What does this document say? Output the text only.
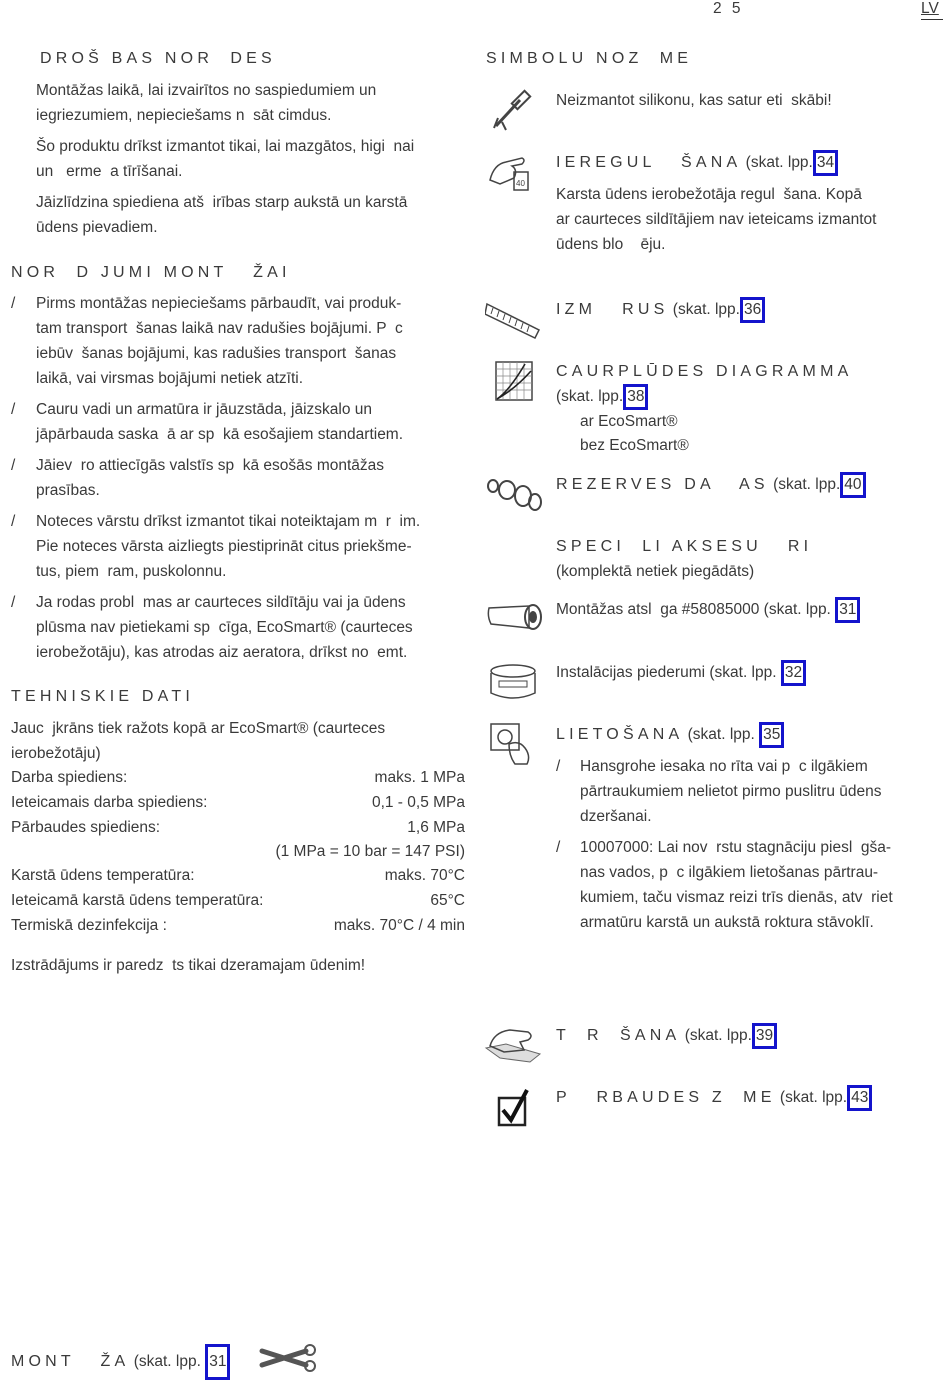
2 5	LV
DROŠ BAS NOR  DES
Montāžas laikā, lai izvairītos no saspiedumiem un
iegriezumiem, nepieciešams n  sāt cimdus.
Šo produktu drīkst izmantot tikai, lai mazgātos, higi  nai
un   erme  a tīrīšanai.
Jāizlīdzina spiediena atš  irības starp aukstā un karstā
ūdens pievadiem.
NOR  D JUMI MONT   ŽAI
/ Pirms montāžas nepieciešams pārbaudīt, vai produk-
tam transport  šanas laikā nav radušies bojājumi. P  c
iebūv  šanas bojājumi, kas radušies transport  šanas
laikā, vai virsmas bojājumi netiek atzīti.
/ Cauru vadi un armatūra ir jāuzstāda, jāizskalo un
jāpārbauda saska  ā ar sp  kā esošajiem standartiem.
/ Jāiev  ro attiecīgās valstīs sp  kā esošās montāžas
prasības.
/ Noteces vārstu drīkst izmantot tikai noteiktajam m  r  im.
Pie noteces vārsta aizliegts piestiprināt citus priekšme-
tus, piem  ram, puskolonnu.
/ Ja rodas probl  mas ar caurteces sildītāju vai ja ūdens
plūsma nav pietiekami sp  cīga, EcoSmart® (caurteces
ierobežotāju), kas atrodas aiz aeratora, drīkst no  emt.
TEHNISKIE DATI
Jauc  jkrāns tiek ražots kopā ar EcoSmart® (caurteces
ierobežotāju)
Darba spiediens:	maks. 1 MPa
Ieteicamais darba spiediens:	0,1 - 0,5 MPa
Pārbaudes spiediens:	1,6 MPa
(1 MPa = 10 bar = 147 PSI)
Karstā ūdens temperatūra:	maks. 70°C
Ieteicamā karstā ūdens temperatūra:	65°C
Termiskā dezinfekcija :	maks. 70°C / 4 min
Izstrādājums ir paredz  ts tikai dzeramajam ūdenim!
MONT   ŽA (skat. lpp. 31
SIMBOLU NOZ  ME
Neizmantot silikonu, kas satur eti  skābi!
40
IEREGUL   ŠANA (skat. lpp. 34
Karsta ūdens ierobežotāja regul  šana. Kopā
ar caurteces sildītājiem nav ieteicams izmantot
ūdens blo    ēju.
IZM   RUS (skat. lpp. 36
CAURPLŪDES DIAGRAMMA
(skat. lpp. 38
ar EcoSmart®
bez EcoSmart®
REZERVES DA   AS (skat. lpp. 40
SPECI  LI AKSESU   RI
(komplektā netiek piegādāts)
Montāžas atsl  ga #58085000 (skat. lpp. 31
Instalācijas piederumi (skat. lpp. 32
LIETOŠANA (skat. lpp. 35
/ Hansgrohe iesaka no rīta vai p  c ilgākiem
pārtraukumiem nelietot pirmo puslitru ūdens
dzeršanai.
/ 10007000: Lai nov  rstu stagnāciju piesl  gša-
nas vados, p  c ilgākiem lietošanas pārtrau-
kumiem, taču vismaz reizi trīs dienās, atv  riet
armatūru karstā un aukstā roktura stāvoklī.
T  R  ŠANA (skat. lpp. 39
P   RBAUDES Z  ME (skat. lpp. 43
